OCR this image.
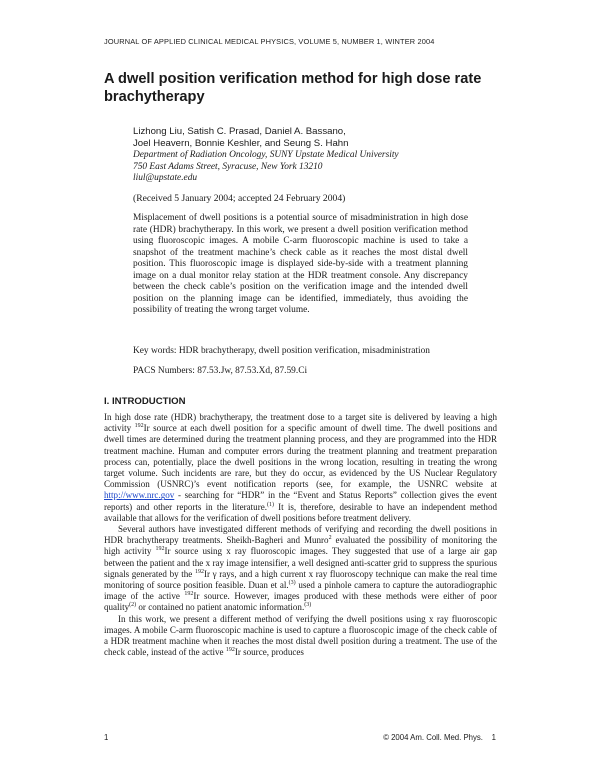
JOURNAL OF APPLIED CLINICAL MEDICAL PHYSICS, VOLUME 5, NUMBER 1, WINTER 2004
A dwell position verification method for high dose rate brachytherapy
Lizhong Liu, Satish C. Prasad, Daniel A. Bassano,
Joel Heavern, Bonnie Keshler, and Seung S. Hahn
Department of Radiation Oncology, SUNY Upstate Medical University
750 East Adams Street, Syracuse, New York 13210
liul@upstate.edu
(Received 5 January 2004; accepted 24 February 2004)

Misplacement of dwell positions is a potential source of misadministration in high dose rate (HDR) brachytherapy. In this work, we present a dwell position verification method using fluoroscopic images. A mobile C-arm fluoroscopic machine is used to take a snapshot of the treatment machine’s check cable as it reaches the most distal dwell position. This fluoroscopic image is displayed side-by-side with a treatment planning image on a dual monitor relay station at the HDR treatment console. Any discrepancy between the check cable’s position on the verification image and the intended dwell position on the planning image can be identified, immediately, thus avoiding the possibility of treating the wrong target volume.

Key words: HDR brachytherapy, dwell position verification, misadministration
PACS Numbers: 87.53.Jw, 87.53.Xd, 87.59.Ci
I. INTRODUCTION

In high dose rate (HDR) brachytherapy, the treatment dose to a target site is delivered by leaving a high activity $^{192}$Ir source at each dwell position for a specific amount of dwell time. The dwell positions and dwell times are determined during the treatment planning process, and they are programmed into the HDR treatment machine. Human and computer errors during the treatment planning and treatment preparation process can, potentially, place the dwell positions in the wrong location, resulting in treating the wrong target volume. Such incidents are rare, but they do occur, as evidenced by the US Nuclear Regulatory Commission (USNRC)’s event notification reports (see, for example, the USNRC website at http://www.nrc.gov - searching for “HDR” in the “Event and Status Reports” collection gives the event reports) and other reports in the literature.$^{(1)}$ It is, therefore, desirable to have an independent method available that allows for the verification of dwell positions before treatment delivery.

Several authors have investigated different methods of verifying and recording the dwell positions in HDR brachytherapy treatments. Sheikh-Bagheri and Munro$^2$ evaluated the possibility of monitoring the high activity $^{192}$Ir source using x ray fluoroscopic images. They suggested that use of a large air gap between the patient and the x ray image intensifier, a well designed anti-scatter grid to suppress the spurious signals generated by the $^{192}$Ir γ rays, and a high current x ray fluoroscopy technique can make the real time monitoring of source position feasible. Duan et al.$^{(3)}$ used a pinhole camera to capture the autoradiographic image of the active $^{192}$Ir source. However, images produced with these methods were either of poor quality$^{(2)}$ or contained no patient anatomic information.$^{(3)}$

In this work, we present a different method of verifying the dwell positions using x ray fluoroscopic images. A mobile C-arm fluoroscopic machine is used to capture a fluoroscopic image of the check cable of a HDR treatment machine when it reaches the most distal dwell position during a treatment. The use of the check cable, instead of the active $^{192}$Ir source, produces

1	© 2004 Am. Coll. Med. Phys. 1
